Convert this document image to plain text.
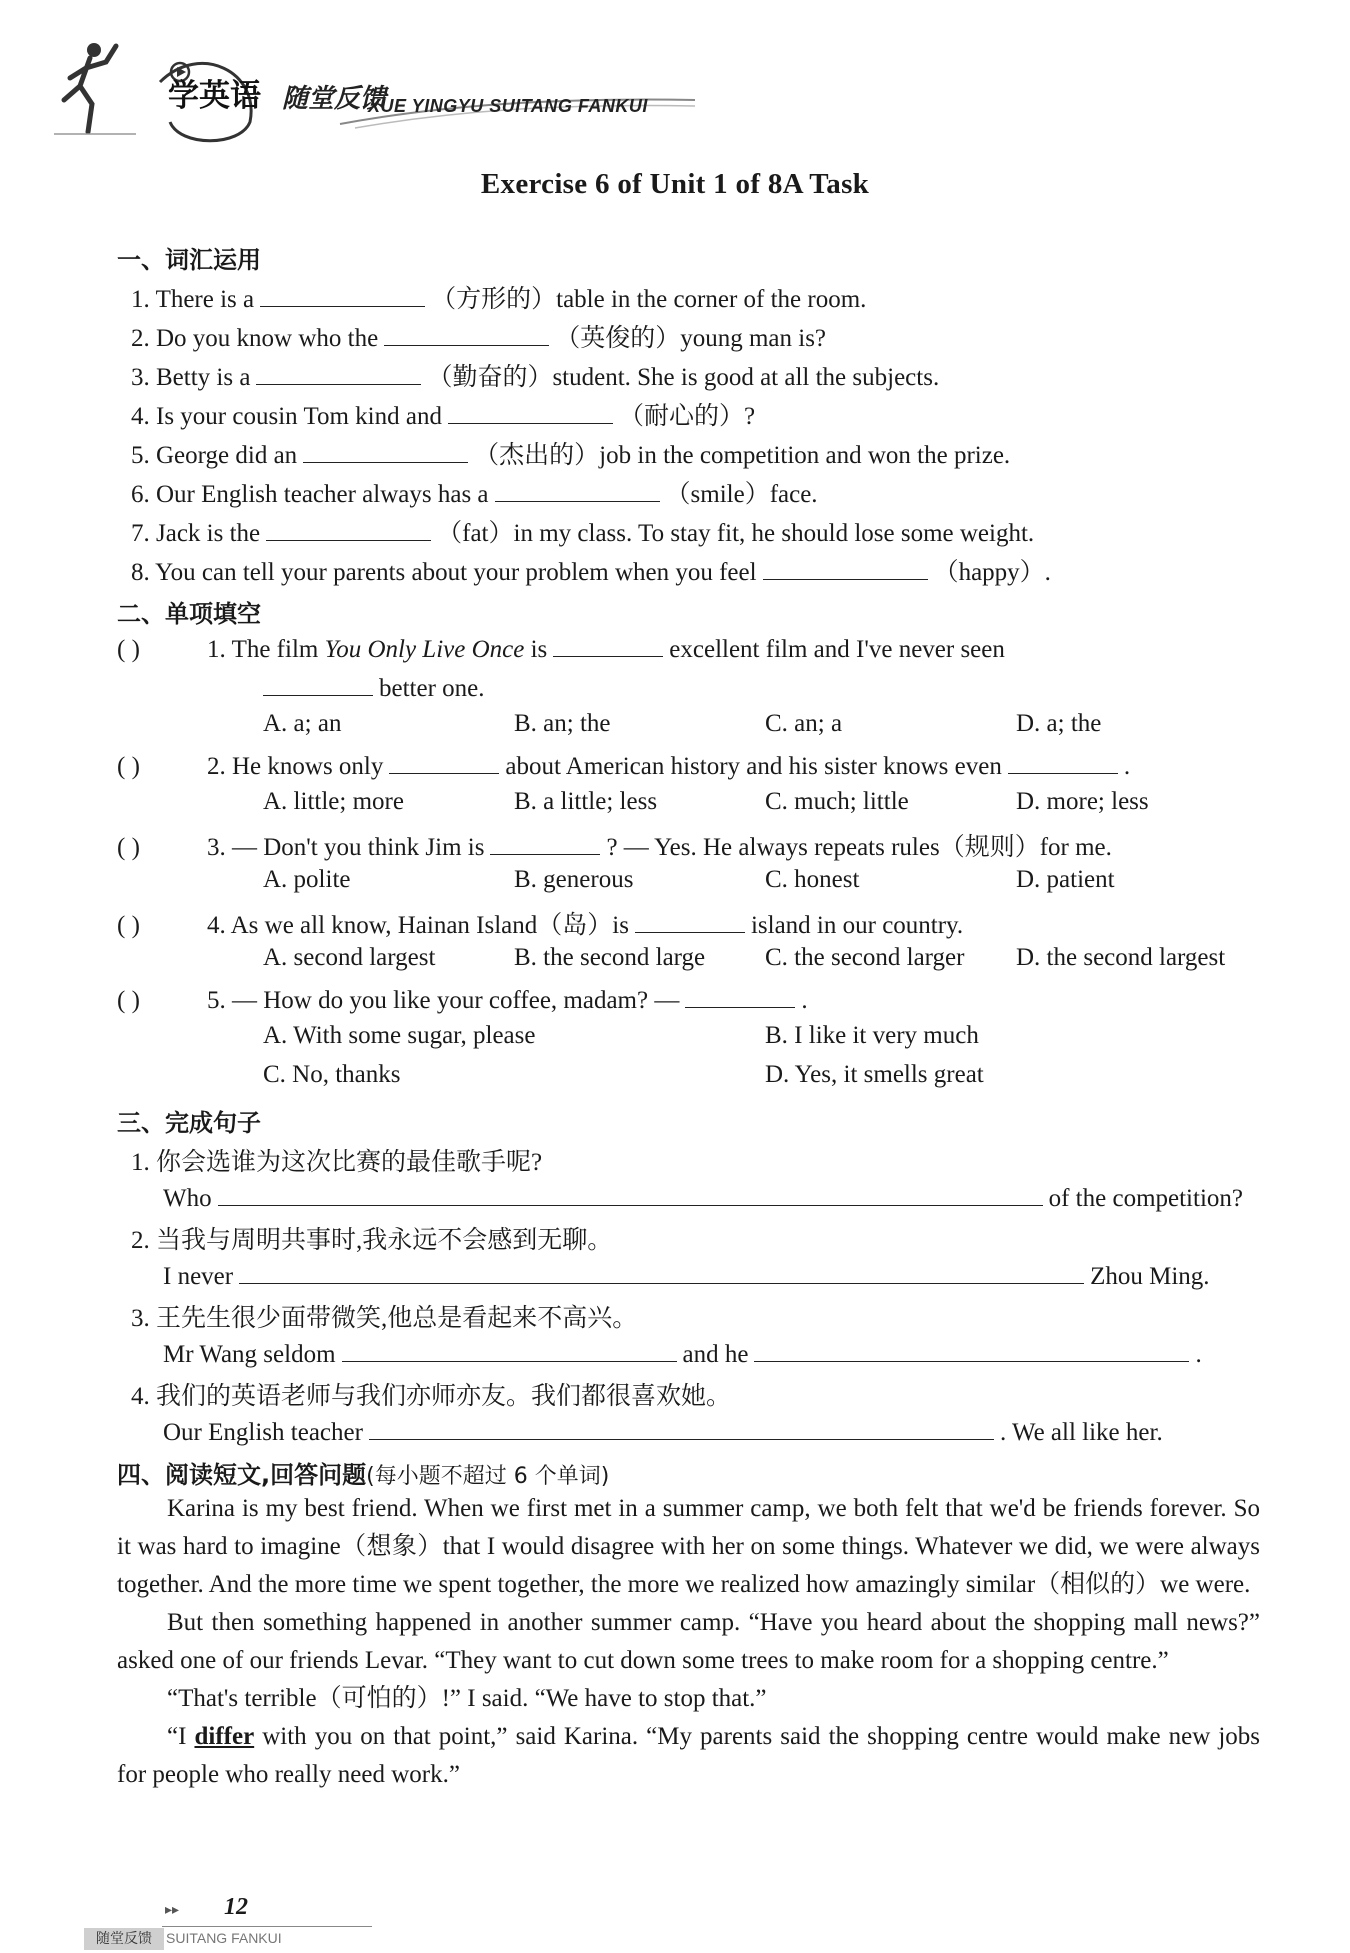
学英语 随堂反馈
XUE YINGYU SUITANG FANKUI
Exercise 6 of Unit 1 of 8A Task
一、词汇运用
1. There is a	（方形的）table in the corner of the room.
2. Do you know who the	（英俊的）young man is?
3. Betty is a	（勤奋的）student. She is good at all the subjects.
4. Is your cousin Tom kind and	（耐心的）?
5. George did an	（杰出的）job in the competition and won the prize.
6. Our English teacher always has a	（smile）face.
7. Jack is the	（fat）in my class. To stay fit, he should lose some weight.
8. You can tell your parents about your problem when you feel	（happy）.
二、单项填空
( )	1. The film You Only Live Once is	excellent film and I've never seen
better one.
A. a; an	B. an; the	C. an; a	D. a; the
( )	2. He knows only	about American history and his sister knows even	.
A. little; more	B. a little; less	C. much; little	D. more; less
( )	3. — Don't you think Jim is	? — Yes. He always repeats rules（规则）for me.
A. polite	B. generous	C. honest	D. patient
( )	4. As we all know, Hainan Island（岛）is	island in our country.
A. second largest	B. the second large C. the second larger D. the second largest
( )	5. — How do you like your coffee, madam? —	.
A. With some sugar, please	B. I like it very much
C. No, thanks	D. Yes, it smells great
三、完成句子
1. 你会选谁为这次比赛的最佳歌手呢?
Who	of the competition?
2. 当我与周明共事时,我永远不会感到无聊。
I never	Zhou Ming.
3. 王先生很少面带微笑,他总是看起来不高兴。
Mr Wang seldom	and he	.
4. 我们的英语老师与我们亦师亦友。我们都很喜欢她。
Our English teacher	. We all like her.
四、阅读短文,回答问题(每小题不超过 6 个单词)

Karina is my best friend. When we first met in a summer camp, we both felt that we'd be friends forever. So it was hard to imagine（想象）that I would disagree with her on some things. Whatever we did, we were always together. And the more time we spent together, the more we realized how amazingly similar（相似的）we were.

But then something happened in another summer camp. “Have you heard about the shopping mall news?” asked one of our friends Levar. “They want to cut down some trees to make room for a shopping centre.”

“That's terrible（可怕的）!” I said. “We have to stop that.”

“I differ with you on that point,” said Karina. “My parents said the shopping centre would make new jobs for people who really need work.”

▸▸ 12
随堂反馈	SUITANG FANKUI
